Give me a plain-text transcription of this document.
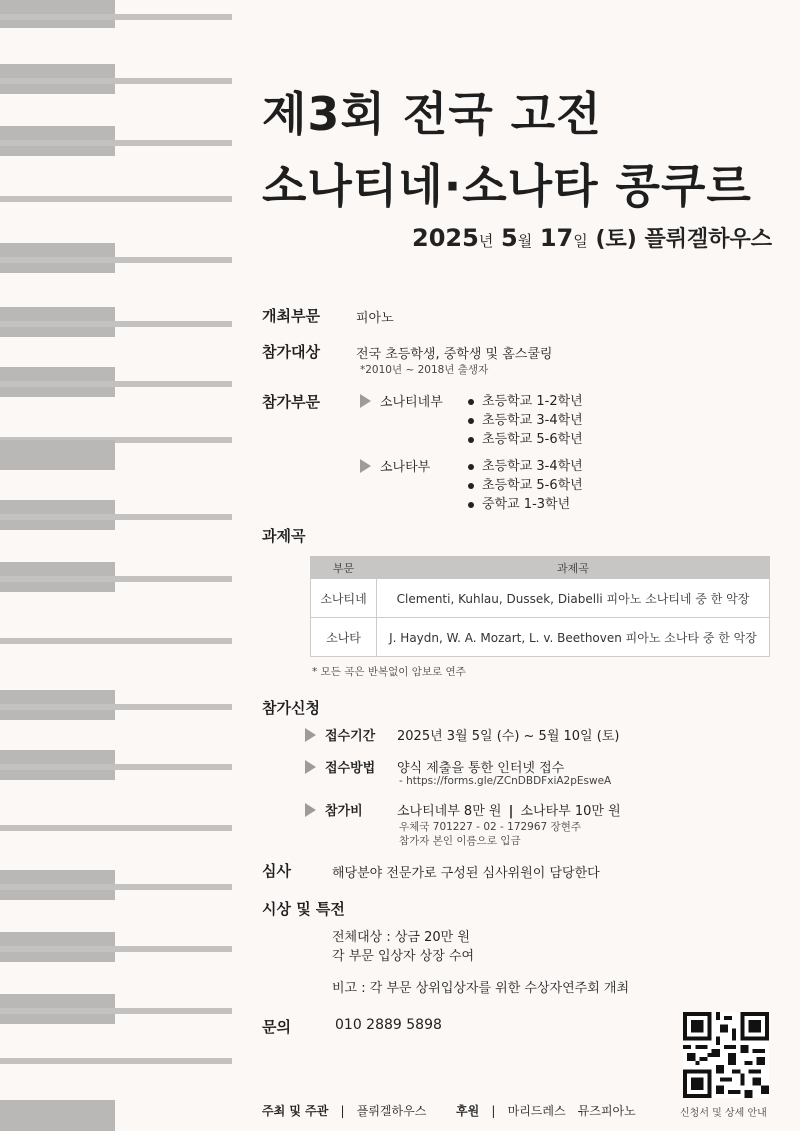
제3회 전국 고전
소나티네·소나타 콩쿠르
2025년 5월 17일 (토) 플뤼겔하우스
개최부문	피아노
참가대상	전국 초등학생, 중학생 및 홈스쿨링
*2010년 ~ 2018년 출생자
참가부문	소나티네부	초등학교 1-2학년
초등학교 3-4학년
초등학교 5-6학년
소나타부	초등학교 3-4학년
초등학교 5-6학년
중학교 1-3학년
과제곡
부문	과제곡
소나티네	Clementi, Kuhlau, Dussek, Diabelli 피아노 소나티네 중 한 악장
소나타	J. Haydn, W. A. Mozart, L. v. Beethoven 피아노 소나타 중 한 악장
* 모든 곡은 반복없이 암보로 연주
참가신청
접수기간 2025년 3월 5일 (수) ~ 5월 10일 (토)
접수방법 양식 제출을 통한 인터넷 접수
- https://forms.gle/ZCnDBDFxiA2pEsweA
참가비	소나티네부 8만 원 | 소나타부 10만 원
우체국 701227 - 02 - 172967 장현주
참가자 본인 이름으로 입금
심사	해당분야 전문가로 구성된 심사위원이 담당한다
시상 및 특전
전체대상 : 상금 20만 원
각 부문 입상자 상장 수여
비고 : 각 부문 상위입상자를 위한 수상자연주회 개최
문의	010 2889 5898
신청서 및 상세 안내
주최 및 주관 | 플뤼겔하우스 후원 | 마리드레스 뮤즈피아노
